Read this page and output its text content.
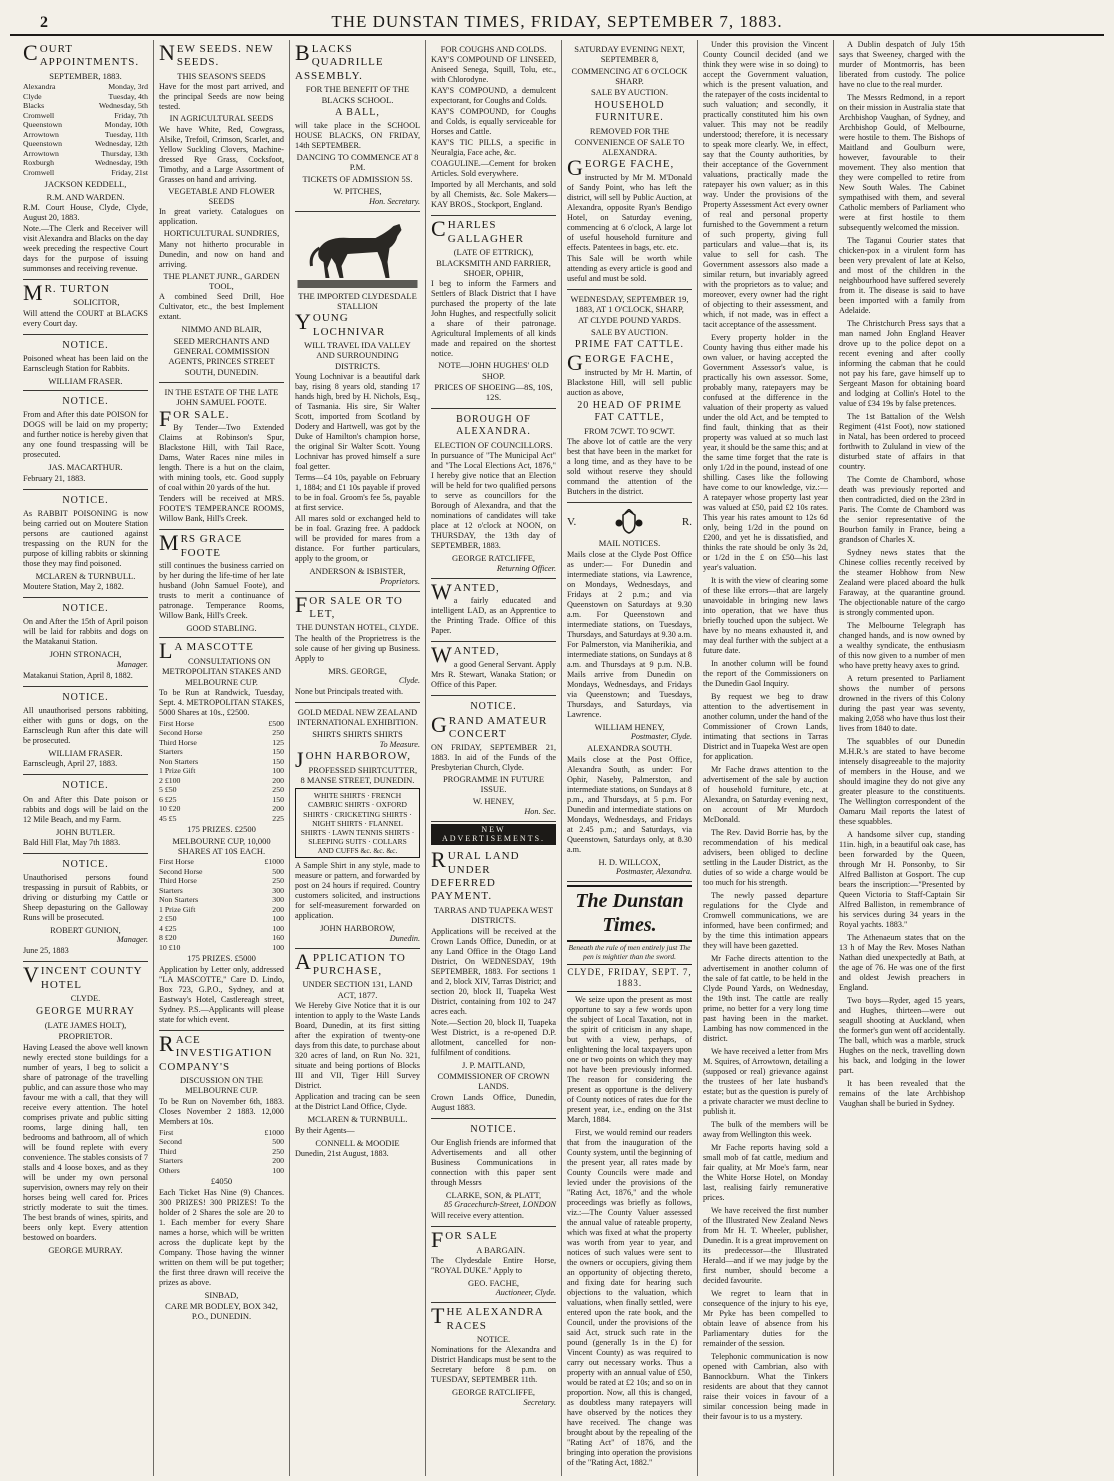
2	THE DUNSTAN TIMES, FRIDAY, SEPTEMBER 7, 1883.
COURT APPOINTMENTS.
SEPTEMBER, 1883.
Alexandra	Monday, 3rd
Clyde	Tuesday, 4th
Blacks	Wednesday, 5th
Cromwell	Friday, 7th
Queenstown	Monday, 10th
Arrowtown	Tuesday, 11th
Queenstown	Wednesday, 12th
Arrowtown	Thursday, 13th
Roxburgh	Wednesday, 19th
Cromwell	Friday, 21st
JACKSON KEDDELL,
R.M. AND WARDEN.

R.M. Court House, Clyde, Clyde, August 20, 1883.

Note.—The Clerk and Receiver will visit Alexandra and Blacks on the day week preceding the respective Court days for the purpose of issuing summonses and receiving revenue.

MR. TURTON
SOLICITOR,

Will attend the COURT at BLACKS every Court day.

NOTICE.

Poisoned wheat has been laid on the Earnscleugh Station for Rabbits.

WILLIAM FRASER.
NOTICE.

From and After this date POISON for DOGS will be laid on my property; and further notice is hereby given that any one found trespassing will be prosecuted.

JAS. MACARTHUR.

February 21, 1883.

NOTICE.

As RABBIT POISONING is now being carried out on Moutere Station persons are cautioned against trespassing on the RUN for the purpose of killing rabbits or skinning those they may find poisoned.

MCLAREN & TURNBULL.

Moutere Station, May 2, 1882.

NOTICE.

On and After the 15th of April poison will be laid for rabbits and dogs on the Matakanui Station.

JOHN STRONACH,
Manager.

Matakanui Station, April 8, 1882.

NOTICE.

All unauthorised persons rabbiting, either with guns or dogs, on the Earnscleugh Run after this date will be prosecuted.

WILLIAM FRASER.

Earnscleugh, April 27, 1883.

NOTICE.

On and After this Date poison or rabbits and dogs will be laid on the 12 Mile Beach, and my Farm.

JOHN BUTLER.

Bald Hill Flat, May 7th 1883.

NOTICE.

Unauthorised persons found trespassing in pursuit of Rabbits, or driving or disturbing my Cattle or Sheep depasturing on the Galloway Runs will be prosecuted.

ROBERT GUNION,
Manager.

June 25, 1883

VINCENT COUNTY HOTEL
CLYDE.
GEORGE MURRAY
(LATE JAMES HOLT),
PROPRIETOR.

Having Leased the above well known newly erected stone buildings for a number of years, I beg to solicit a share of patronage of the travelling public, and can assure those who may favour me with a call, that they will receive every attention. The hotel comprises private and public sitting rooms, large dining hall, ten bedrooms and bathroom, all of which will be found replete with every convenience. The stables consists of 7 stalls and 4 loose boxes, and as they will be under my own personal supervision, owners may rely on their horses being well cared for. Prices strictly moderate to suit the times. The best brands of wines, spirits, and beers only kept. Every attention bestowed on boarders.

GEORGE MURRAY.
NEW SEEDS. NEW SEEDS.
THIS SEASON'S SEEDS

Have for the most part arrived, and the principal Seeds are now being tested.

IN AGRICULTURAL SEEDS

We have White, Red, Cowgrass, Alsike, Trefoil, Crimson, Scarlet, and Yellow Suckling Clovers, Machine-dressed Rye Grass, Cocksfoot, Timothy, and a Large Assortment of Grasses on hand and arriving.

VEGETABLE AND FLOWER SEEDS

In great variety. Catalogues on application.

HORTICULTURAL SUNDRIES,

Many not hitherto procurable in Dunedin, and now on hand and arriving.

THE PLANET JUNR., GARDEN TOOL,

A combined Seed Drill, Hoe Cultivator, etc., the best Implement extant.

NIMMO AND BLAIR,
SEED MERCHANTS AND GENERAL COMMISSION AGENTS, PRINCES STREET SOUTH, DUNEDIN.
IN THE ESTATE OF THE LATE JOHN SAMUEL FOOTE.
FOR SALE.

By Tender—Two Extended Claims at Robinson's Spur, Blackstone Hill, with Tail Race, Dams, Water Races nine miles in length. There is a hut on the claim, with mining tools, etc. Good supply of coal within 20 yards of the hut.

Tenders will be received at MRS. FOOTE'S TEMPERANCE ROOMS, Willow Bank, Hill's Creek.

MRS GRACE FOOTE

still continues the business carried on by her during the life-time of her late husband (John Samuel Foote), and trusts to merit a continuance of patronage. Temperance Rooms, Willow Bank, Hill's Creek.

GOOD STABLING.
LA MASCOTTE
CONSULTATIONS ON METROPOLITAN STAKES AND MELBOURNE CUP.

To be Run at Randwick, Tuesday, Sept. 4. METROPOLITAN STAKES, 5000 Shares at 10s., £2500.

First Horse	£500
Second Horse	250
Third Horse	125
Starters	150
Non Starters	150
1 Prize Gift	100
2 £100	200
5 £50	250
6 £25	150
10 £20	200
45 £5	225
175 PRIZES. £2500
MELBOURNE CUP, 10,000 SHARES AT 10S EACH.
First Horse	£1000
Second Horse	500
Third Horse	250
Starters	300
Non Starters	300
1 Prize Gift	200
2 £50	100
4 £25	100
8 £20	160
10 £10	100
175 PRIZES. £5000

Application by Letter only, addressed "LA MASCOTTE," Care D. Lindo, Box 723, G.P.O., Sydney, and at Eastway's Hotel, Castlereagh street, Sydney. P.S.—Applicants will please state for which event.

RACE INVESTIGATION COMPANY'S
DISCUSSION ON THE MELBOURNE CUP.

To be Run on November 6th, 1883. Closes November 2 1883. 12,000 Members at 10s.

First	£1000
Second	500
Third	250
Starters	200
Others	100
£4050

Each Ticket Has Nine (9) Chances. 300 PRIZES! 300 PRIZES! To the holder of 2 Shares the sole are 20 to 1. Each member for every Share names a horse, which will be written across the duplicate kept by the Company. Those having the winner written on them will be put together; the first three drawn will receive the prizes as above.

SINBAD,
CARE MR BODLEY, BOX 342, P.O., DUNEDIN.
BLACKS QUADRILLE ASSEMBLY.
FOR THE BENEFIT OF THE BLACKS SCHOOL.
A BALL,

will take place in the SCHOOL HOUSE BLACKS, ON FRIDAY, 14th SEPTEMBER.

DANCING TO COMMENCE AT 8 P.M.
TICKETS OF ADMISSION 5S.
W. PITCHES,
Hon. Secretary.
THE IMPORTED CLYDESDALE STALLION
YOUNG LOCHNIVAR
WILL TRAVEL IDA VALLEY AND SURROUNDING DISTRICTS.

Young Lochnivar is a beautiful dark bay, rising 8 years old, standing 17 hands high, bred by H. Nichols, Esq., of Tasmania. His sire, Sir Walter Scott, imported from Scotland by Dodery and Hartwell, was got by the Duke of Hamilton's champion horse, the original Sir Walter Scott. Young Lochnivar has proved himself a sure foal getter.

Terms—£4 10s, payable on February 1, 1884; and £1 10s payable if proved to be in foal. Groom's fee 5s, payable at first service.

All mares sold or exchanged held to be in foal. Grazing free. A paddock will be provided for mares from a distance. For further particulars, apply to the groom, or

ANDERSON & ISBISTER,
Proprietors.
FOR SALE OR TO LET,
THE DUNSTAN HOTEL, CLYDE.

The health of the Proprietress is the sole cause of her giving up Business. Apply to

MRS. GEORGE,
Clyde.

None but Principals treated with.

GOLD MEDAL NEW ZEALAND INTERNATIONAL EXHIBITION.
SHIRTS SHIRTS SHIRTS
To Measure.
JOHN HARBOROW,
PROFESSED SHIRTCUTTER, 8 MANSE STREET, DUNEDIN.
WHITE SHIRTS · FRENCH CAMBRIC SHIRTS · OXFORD SHIRTS · CRICKETING SHIRTS · NIGHT SHIRTS · FLANNEL SHIRTS · LAWN TENNIS SHIRTS · SLEEPING SUITS · COLLARS AND CUFFS &c. &c. &c.

A Sample Shirt in any style, made to measure or pattern, and forwarded by post on 24 hours if required. Country customers solicited, and instructions for self-measurement forwarded on application.

JOHN HARBOROW,
Dunedin.
APPLICATION TO PURCHASE,
UNDER SECTION 131, LAND ACT, 1877.

We Hereby Give Notice that it is our intention to apply to the Waste Lands Board, Dunedin, at its first sitting after the expiration of twenty-one days from this date, to purchase about 320 acres of land, on Run No. 321, situate and being portions of Blocks III and VII, Tiger Hill Survey District.

Application and tracing can be seen at the District Land Office, Clyde.

MCLAREN & TURNBULL.

By their Agents—

CONNELL & MOODIE

Dunedin, 21st August, 1883.

FOR COUGHS AND COLDS.

KAY'S COMPOUND OF LINSEED, Aniseed Senega, Squill, Tolu, etc., with Chlorodyne.

KAY'S COMPOUND, a demulcent expectorant, for Coughs and Colds.

KAY'S COMPOUND, for Coughs and Colds, is equally serviceable for Horses and Cattle.

KAY'S TIC PILLS, a specific in Neuralgia, Face ache, &c.

COAGULINE.—Cement for broken Articles. Sold everywhere.

Imported by all Merchants, and sold by all Chemists, &c. Sole Makers—KAY BROS., Stockport, England.

CHARLES GALLAGHER
(LATE OF ETTRICK), BLACKSMITH AND FARRIER, SHOER, OPHIR,

I beg to inform the Farmers and Settlers of Black District that I have purchased the property of the late John Hughes, and respectfully solicit a share of their patronage. Agricultural Implements of all kinds made and repaired on the shortest notice.

NOTE—JOHN HUGHES' OLD SHOP.
PRICES OF SHOEING—8S, 10S, 12S.
BOROUGH OF ALEXANDRA.
ELECTION OF COUNCILLORS.

In pursuance of "The Municipal Act" and "The Local Elections Act, 1876," I hereby give notice that an Election will be held for two qualified persons to serve as councillors for the Borough of Alexandra, and that the nominations of candidates will take place at 12 o'clock at NOON, on THURSDAY, the 13th day of SEPTEMBER, 1883.

GEORGE RATCLIFFE,
Returning Officer.
WANTED,

a fairly educated and intelligent LAD, as an Apprentice to the Printing Trade. Office of this Paper.

WANTED,

a good General Servant. Apply Mrs R. Stewart, Wanaka Station; or Office of this Paper.

NOTICE.
GRAND AMATEUR CONCERT

ON FRIDAY, SEPTEMBER 21, 1883. In aid of the Funds of the Presbyterian Church, Clyde.

PROGRAMME IN FUTURE ISSUE.
W. HENEY,
Hon. Sec.
NEW ADVERTISEMENTS.
RURAL LAND UNDER DEFERRED PAYMENT.
TARRAS AND TUAPEKA WEST DISTRICTS.

Applications will be received at the Crown Lands Office, Dunedin, or at any Land Office in the Otago Land District, On WEDNESDAY, 19th SEPTEMBER, 1883. For sections 1 and 2, block XIV, Tarras District; and section 20, block II, Tuapeka West District, containing from 102 to 247 acres each.

Note.—Section 20, block II, Tuapeka West District, is a re-opened D.P. allotment, cancelled for non-fulfilment of conditions.

J. P. MAITLAND,
COMMISSIONER OF CROWN LANDS.

Crown Lands Office, Dunedin, August 1883.

NOTICE.

Our English friends are informed that Advertisements and all other Business Communications in connection with this paper sent through Messrs

CLARKE, SON, & PLATT,
85 Gracechurch-Street, LONDON

Will receive every attention.

FOR SALE
A BARGAIN.

The Clydesdale Entire Horse, "ROYAL DUKE." Apply to

GEO. FACHE,
Auctioneer, Clyde.
THE ALEXANDRA RACES
NOTICE.

Nominations for the Alexandra and District Handicaps must be sent to the Secretary before 8 p.m. on TUESDAY, SEPTEMBER 11th.

GEORGE RATCLIFFE,
Secretary.
SATURDAY EVENING NEXT, SEPTEMBER 8,
COMMENCING AT 6 O'CLOCK SHARP.
SALE BY AUCTION.
HOUSEHOLD FURNITURE.
REMOVED FOR THE CONVENIENCE OF SALE TO ALEXANDRA.
GEORGE FACHE,

instructed by Mr M. M'Donald of Sandy Point, who has left the district, will sell by Public Auction, at Alexandra, opposite Ryan's Bendigo Hotel, on Saturday evening, commencing at 6 o'clock, A large lot of useful household furniture and effects. Patentees in bags, etc. etc.

This Sale will be worth while attending as every article is good and useful and must be sold.

WEDNESDAY, SEPTEMBER 19, 1883, AT 1 O'CLOCK, SHARP,
AT CLYDE POUND YARDS.
SALE BY AUCTION.
PRIME FAT CATTLE.
GEORGE FACHE,

instructed by Mr H. Martin, of Blackstone Hill, will sell public auction as above,

20 HEAD OF PRIME FAT CATTLE,
FROM 7CWT. TO 9CWT.

The above lot of cattle are the very best that have been in the market for a long time, and as they have to be sold without reserve they should command the attention of the Butchers in the district.

V.	R.
MAIL NOTICES.

Mails close at the Clyde Post Office as under:— For Dunedin and intermediate stations, via Lawrence, on Mondays, Wednesdays, and Fridays at 2 p.m.; and via Queenstown on Saturdays at 9.30 a.m. For Queenstown and intermediate stations, on Tuesdays, Thursdays, and Saturdays at 9.30 a.m. For Palmerston, via Maniherikia, and intermediate stations, on Sundays at 8 a.m. and Thursdays at 9 p.m. N.B. Mails arrive from Dunedin on Mondays, Wednesdays, and Fridays via Queenstown; and Tuesdays, Thursdays, and Saturdays, via Lawrence.

WILLIAM HENEY,
Postmaster, Clyde.
ALEXANDRA SOUTH.

Mails close at the Post Office, Alexandra South, as under: For Ophir, Naseby, Palmerston, and intermediate stations, on Sundays at 8 p.m., and Thursdays, at 5 p.m. For Dunedin and intermediate stations on Mondays, Wednesdays, and Fridays at 2.45 p.m.; and Saturdays, via Queenstown, Saturdays only, at 8.30 a.m.

H. D. WILLCOX,
Postmaster, Alexandra.
The Dunstan Times.
Beneath the rule of men entirely just The pen is mightier than the sword.
CLYDE, FRIDAY, SEPT. 7, 1883.

We seize upon the present as most opportune to say a few words upon the subject of Local Taxation, not in the spirit of criticism in any shape, but with a view, perhaps, of enlightening the local taxpayers upon one or two points on which they may not have been previously informed. The reason for considering the present as opportune is the delivery of County notices of rates due for the present year, i.e., ending on the 31st March, 1884.

First, we would remind our readers that from the inauguration of the County system, until the beginning of the present year, all rates made by County Councils were made and levied under the provisions of the "Rating Act, 1876," and the whole proceedings was briefly as follows, viz.:—The County Valuer assessed the annual value of rateable property, which was fixed at what the property was worth from year to year, and notices of such values were sent to the owners or occupiers, giving them an opportunity of objecting thereto, and fixing date for hearing such objections to the valuation, which valuations, when finally settled, were entered upon the rate book, and the Council, under the provisions of the said Act, struck such rate in the pound (generally 1s in the £) for Vincent County) as was required to carry out necessary works. Thus a property with an annual value of £50, would be rated at £2 10s; and so on in proportion. Now, all this is changed, as doubtless many ratepayers will have observed by the notices they have received. The change was brought about by the repealing of the "Rating Act" of 1876, and the bringing into operation the provisions of the "Rating Act, 1882."

Under this provision the Vincent County Council decided (and we think they were wise in so doing) to accept the Government valuation, which is the present valuation, and the ratepayer of the costs incidental to such valuation; and secondly, it practically constituted him his own valuer. This may not be readily understood; therefore, it is necessary to speak more clearly. We, in effect, say that the County authorities, by their acceptance of the Government valuations, practically made the ratepayer his own valuer; as in this way. Under the provisions of the Property Assessment Act every owner of real and personal property furnished to the Government a return of such property, giving full particulars and value—that is, its value to sell for cash. The Government assessors also made a similar return, but invariably agreed with the proprietors as to value; and moreover, every owner had the right of objecting to their assessment, and which, if not made, was in effect a tacit acceptance of the assessment.

Every property holder in the County having thus either made his own valuer, or having accepted the Government Assessor's value, is practically his own assessor. Some, probably many, ratepayers may be confused at the difference in the valuation of their property as valued under the old Act, and be tempted to find fault, thinking that as their property was valued at so much last year, it should be the same this; and at the same time forget that the rate is only 1/2d in the pound, instead of one shilling. Cases like the following have come to our knowledge, viz.:—A ratepayer whose property last year was valued at £50, paid £2 10s rates. This year his rates amount to 12s 6d only, being 1/2d in the pound on £200, and yet he is dissatisfied, and thinks the rate should be only 3s 2d, or 1/2d in the £ on £50—his last year's valuation.

It is with the view of clearing some of these like errors—that are largely unavoidable in bringing new laws into operation, that we have thus briefly touched upon the subject. We have by no means exhausted it, and may deal further with the subject at a future date.

In another column will be found the report of the Commissioners on the Dunedin Gaol Inquiry.

By request we beg to draw attention to the advertisement in another column, under the hand of the Commissioner of Crown Lands, intimating that sections in Tarras District and in Tuapeka West are open for application.

Mr Fache draws attention to the advertisement of the sale by auction of household furniture, etc., at Alexandra, on Saturday evening next, on account of Mr Murdoch McDonald.

The Rev. David Borrie has, by the recommendation of his medical advisers, been obliged to decline settling in the Lauder District, as the duties of so wide a charge would be too much for his strength.

The newly passed departure regulations for the Clyde and Cromwell communications, we are informed, have been confirmed; and by the time this intimation appears they will have been gazetted.

Mr Fache directs attention to the advertisement in another column of the sale of fat cattle, to be held in the Clyde Pound Yards, on Wednesday, the 19th inst. The cattle are really prime, no better for a very long time past having been in the market. Lambing has now commenced in the district.

We have received a letter from Mrs M. Squires, of Arrowtown, detailing a (supposed or real) grievance against the trustees of her late husband's estate; but as the question is purely of a private character we must decline to publish it.

The bulk of the members will be away from Wellington this week.

Mr Fache reports having sold a small mob of fat cattle, medium and fair quality, at Mr Moe's farm, near the White Horse Hotel, on Monday last, realising fairly remunerative prices.

We have received the first number of the Illustrated New Zealand News from Mr H. T. Wheeler, publisher, Dunedin. It is a great improvement on its predecessor—the Illustrated Herald—and if we may judge by the first number, should become a decided favourite.

We regret to learn that in consequence of the injury to his eye, Mr Pyke has been compelled to obtain leave of absence from his Parliamentary duties for the remainder of the session.

Telephonic communication is now opened with Cambrian, also with Bannockburn. What the Tinkers residents are about that they cannot raise their voices in favour of a similar concession being made in their favour is to us a mystery.

A Dublin despatch of July 15th says that Sweeney, charged with the murder of Montmorris, has been liberated from custody. The police have no clue to the real murder.

The Messrs Redmond, in a report on their mission in Australia state that Archbishop Vaughan, of Sydney, and Archbishop Gould, of Melbourne, were hostile to them. The Bishops of Maitland and Goulburn were, however, favourable to their movement. They also mention that they were compelled to retire from New South Wales. The Cabinet sympathised with them, and several Catholic members of Parliament who were at first hostile to them subsequently welcomed the mission.

The Taganui Courier states that chicken-pox in a virulent form has been very prevalent of late at Kelso, and most of the children in the neighbourhood have suffered severely from it. The disease is said to have been imported with a family from Adelaide.

The Christchurch Press says that a man named John England Heaver drove up to the police depot on a recent evening and after coolly informing the cabman that he could not pay his fare, gave himself up to Sergeant Mason for obtaining board and lodging at Collin's Hotel to the value of £34 19s by false pretences.

The 1st Battalion of the Welsh Regiment (41st Foot), now stationed in Natal, has been ordered to proceed forthwith to Zululand in view of the disturbed state of affairs in that country.

The Comte de Chambord, whose death was previously reported and then contradicted, died on the 23rd in Paris. The Comte de Chambord was the senior representative of the Bourbon family in France, being a grandson of Charles X.

Sydney news states that the Chinese collies recently received by the steamer Hobhow from New Zealand were placed aboard the hulk Faraway, at the quarantine ground. The objectionable nature of the cargo is strongly commented upon.

The Melbourne Telegraph has changed hands, and is now owned by a wealthy syndicate, the enthusiasm of this now given to a number of men who have pretty heavy axes to grind.

A return presented to Parliament shows the number of persons drowned in the rivers of this Colony during the past year was seventy, making 2,058 who have thus lost their lives from 1840 to date.

The squabbles of our Dunedin M.H.R.'s are stated to have become intensely disagreeable to the majority of members in the House, and we should imagine they do not give any greater pleasure to the constituents. The Wellington correspondent of the Oamaru Mail reports the latest of these squabbles.

A handsome silver cup, standing 11in. high, in a beautiful oak case, has been forwarded by the Queen, through Mr H. Ponsonby, to Sir Alfred Balliston at Gosport. The cup bears the inscription:—"Presented by Queen Victoria to Staff-Captain Sir Alfred Balliston, in remembrance of his services during 34 years in the Royal yachts. 1883."

The Athenaeum states that on the 13 h of May the Rev. Moses Nathan Nathan died unexpectedly at Bath, at the age of 76. He was one of the first and oldest Jewish preachers in England.

Two boys—Ryder, aged 15 years, and Hughes, thirteen—were out seagull shooting at Auckland, when the former's gun went off accidentally. The ball, which was a marble, struck Hughes on the neck, travelling down his back, and lodging in the lower part.

It has been revealed that the remains of the late Archbishop Vaughan shall be buried in Sydney.
